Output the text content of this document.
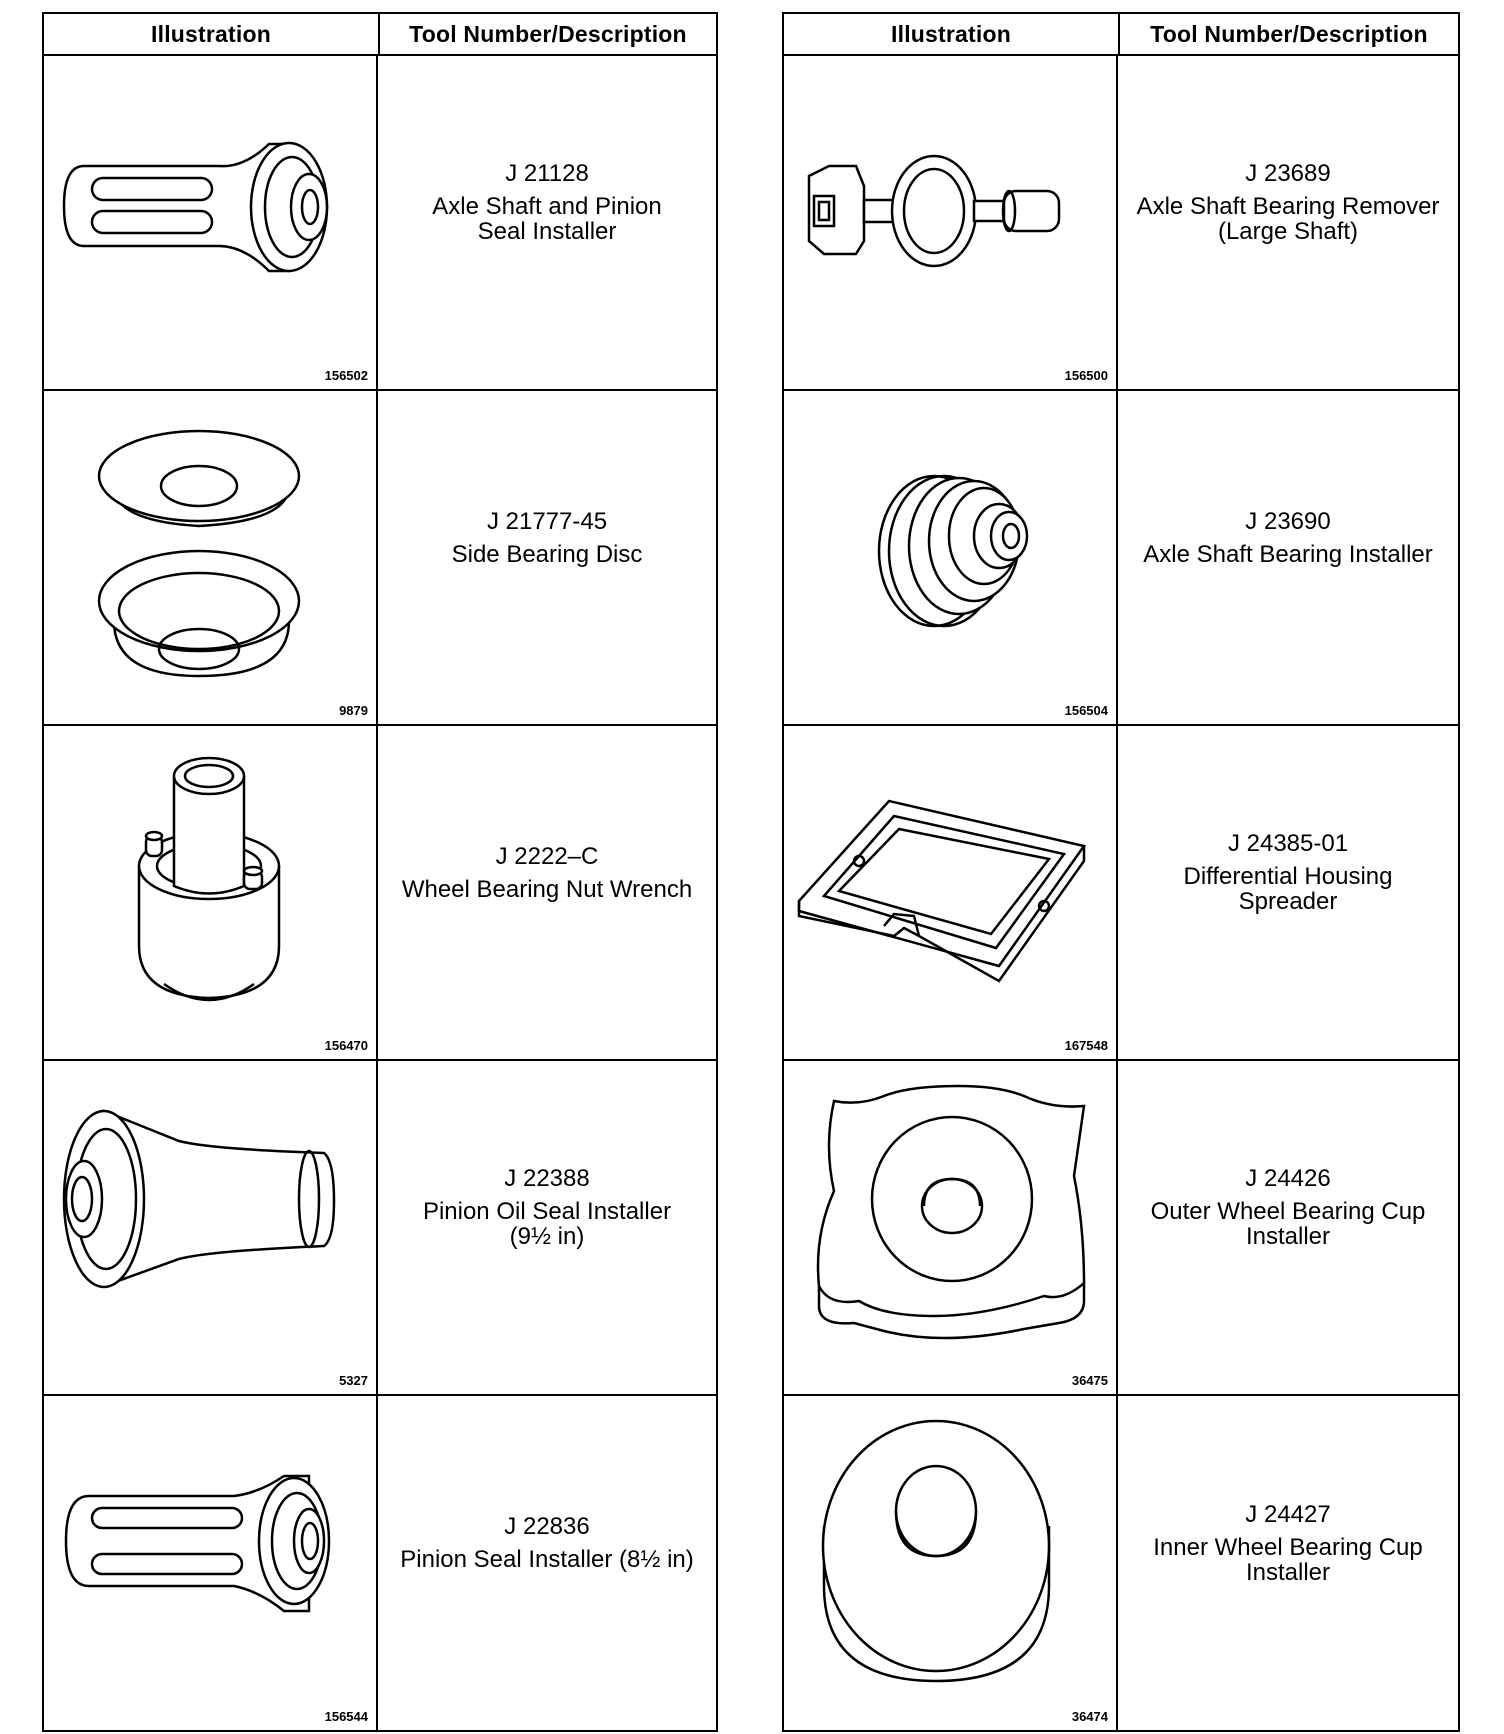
Illustration	Tool Number/Description
156502
J 21128
Axle Shaft and Pinion Seal Installer
9879
J 21777-45
Side Bearing Disc
156470
J 2222–C
Wheel Bearing Nut Wrench
5327
J 22388
Pinion Oil Seal Installer (9½ in)
156544
J 22836
Pinion Seal Installer (8½ in)
Illustration	Tool Number/Description
156500
J 23689
Axle Shaft Bearing Remover (Large Shaft)
156504
J 23690
Axle Shaft Bearing Installer
167548
J 24385-01
Differential Housing Spreader
36475
J 24426
Outer Wheel Bearing Cup Installer
36474
J 24427
Inner Wheel Bearing Cup Installer
